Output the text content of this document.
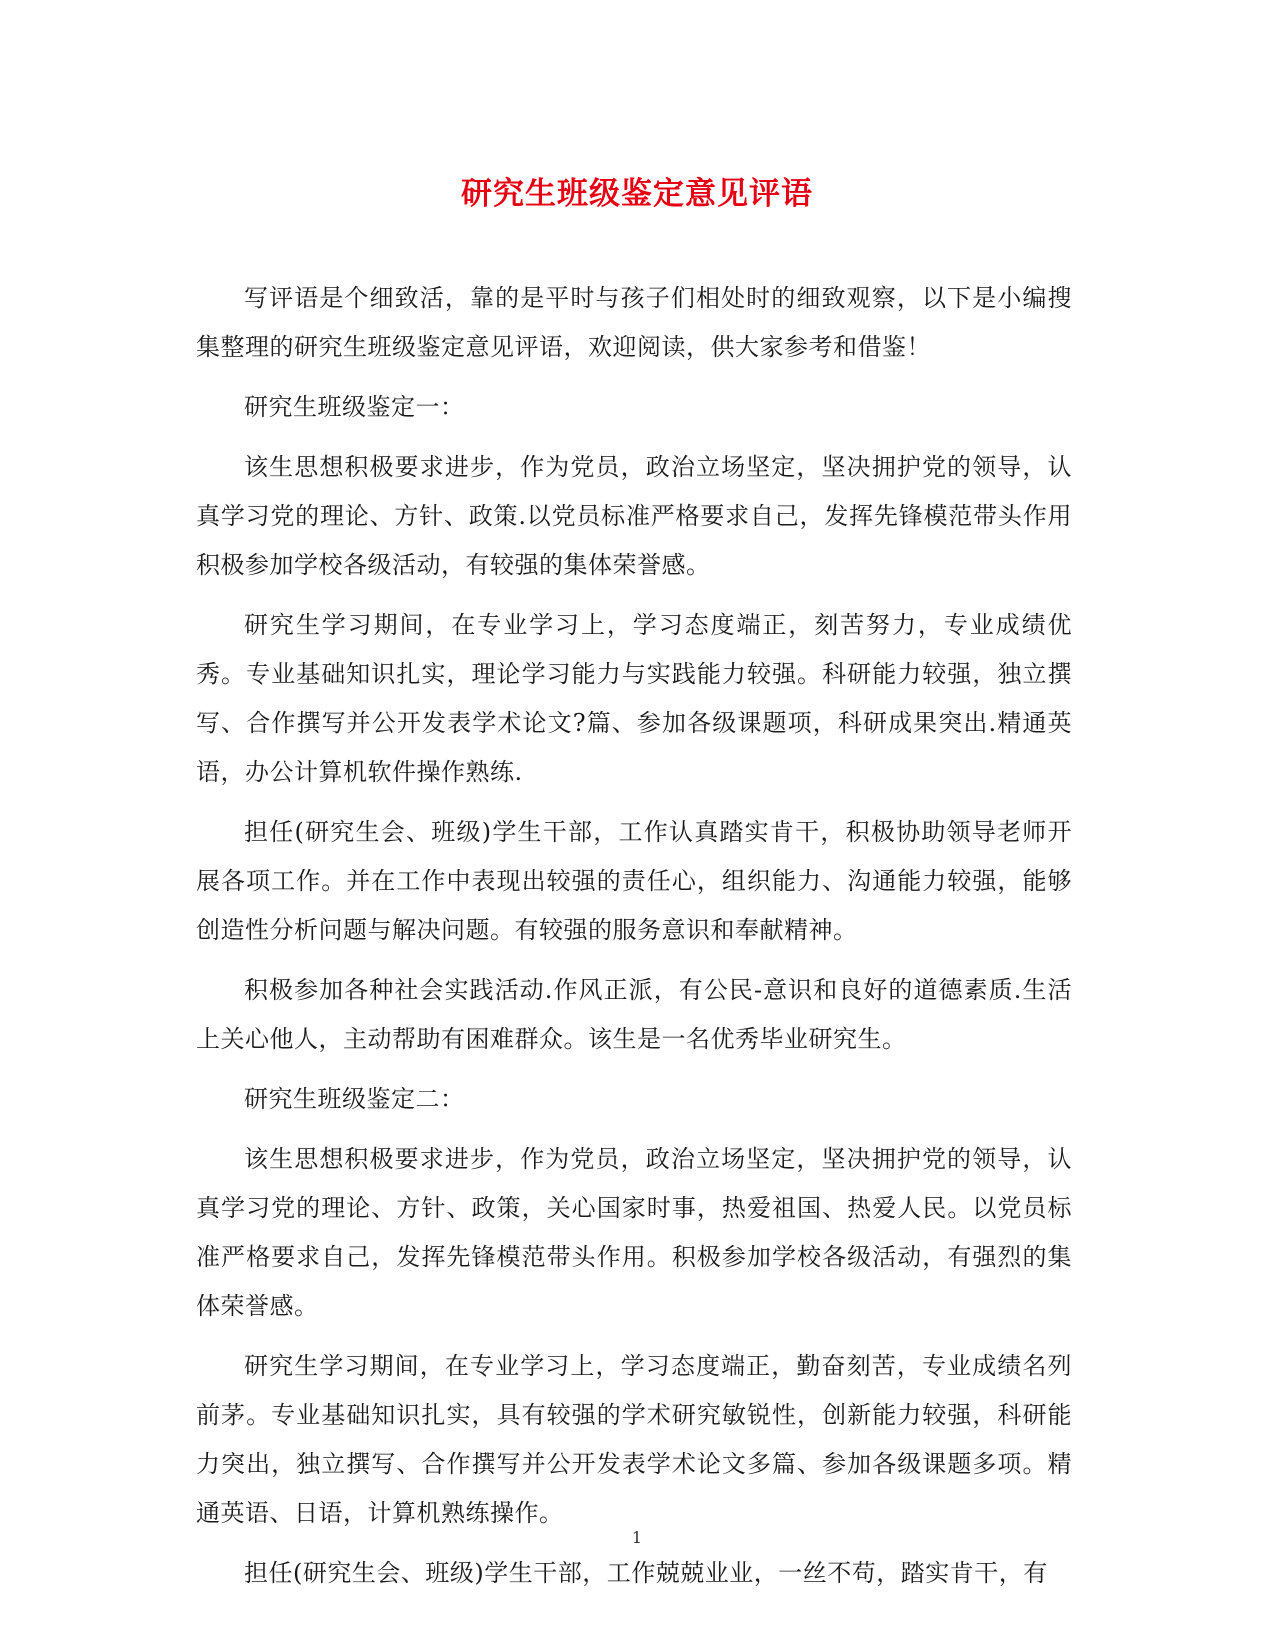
研究生班级鉴定意见评语

写评语是个细致活，靠的是平时与孩子们相处时的细致观察，以下是小编搜集整理的研究生班级鉴定意见评语，欢迎阅读，供大家参考和借鉴！

研究生班级鉴定一：

该生思想积极要求进步，作为党员，政治立场坚定，坚决拥护党的领导，认真学习党的理论、方针、政策.以党员标准严格要求自己，发挥先锋模范带头作用积极参加学校各级活动，有较强的集体荣誉感。

研究生学习期间，在专业学习上，学习态度端正，刻苦努力，专业成绩优秀。专业基础知识扎实，理论学习能力与实践能力较强。科研能力较强，独立撰写、合作撰写并公开发表学术论文?篇、参加各级课题项，科研成果突出.精通英语，办公计算机软件操作熟练.

担任(研究生会、班级)学生干部，工作认真踏实肯干，积极协助领导老师开展各项工作。并在工作中表现出较强的责任心，组织能力、沟通能力较强，能够创造性分析问题与解决问题。有较强的服务意识和奉献精神。

积极参加各种社会实践活动.作风正派，有公民-意识和良好的道德素质.生活上关心他人，主动帮助有困难群众。该生是一名优秀毕业研究生。

研究生班级鉴定二：

该生思想积极要求进步，作为党员，政治立场坚定，坚决拥护党的领导，认真学习党的理论、方针、政策，关心国家时事，热爱祖国、热爱人民。以党员标准严格要求自己，发挥先锋模范带头作用。积极参加学校各级活动，有强烈的集体荣誉感。

研究生学习期间，在专业学习上，学习态度端正，勤奋刻苦，专业成绩名列前茅。专业基础知识扎实，具有较强的学术研究敏锐性，创新能力较强，科研能力突出，独立撰写、合作撰写并公开发表学术论文多篇、参加各级课题多项。精通英语、日语，计算机熟练操作。

担任(研究生会、班级)学生干部，工作兢兢业业，一丝不苟，踏实肯干，有

1
